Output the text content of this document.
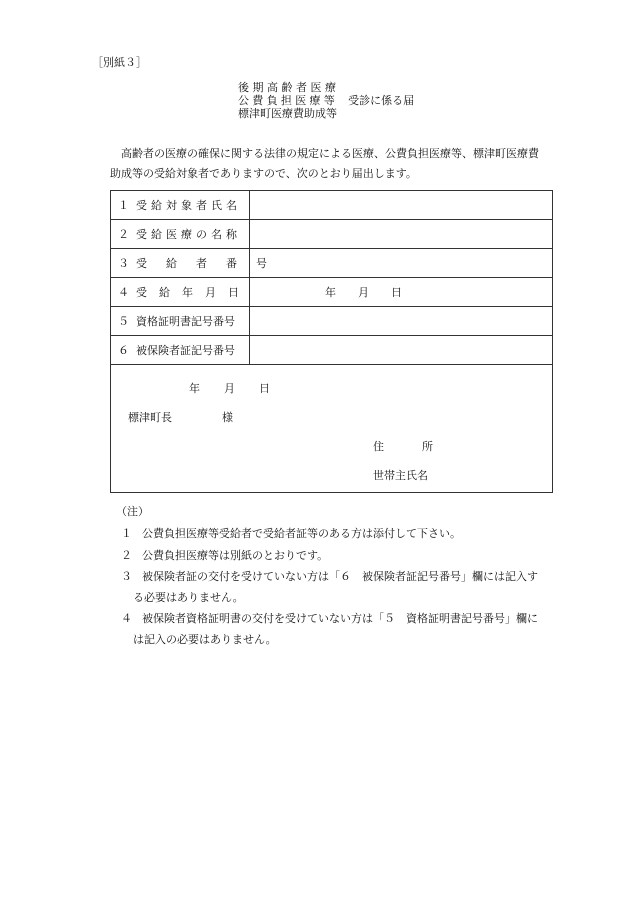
［別紙３］
後期高齢者医療
公費負担医療等 受診に係る届
標津町医療費助成等
高齢者の医療の確保に関する法律の規定による医療、公費負担医療等、標津町医療費
助成等の受給対象者でありますので、次のとおり届出します。
１ 受給対象者氏名	
２ 受給医療の名称	
３ 受給者番号	
４ 受給年月日	年 月 日

５ 資格証明書記号番号	
６ 被保険者証記号番号	
年 月 日
標津町長	様
住	所
世帯主氏名
（注）
１ 公費負担医療等受給者で受給者証等のある方は添付して下さい。
２ 公費負担医療等は別紙のとおりです。
３ 被保険者証の交付を受けていない方は「６　被保険者証記号番号」欄には記入す
る必要はありません。
４ 被保険者資格証明書の交付を受けていない方は「５　資格証明書記号番号」欄に
は記入の必要はありません。
